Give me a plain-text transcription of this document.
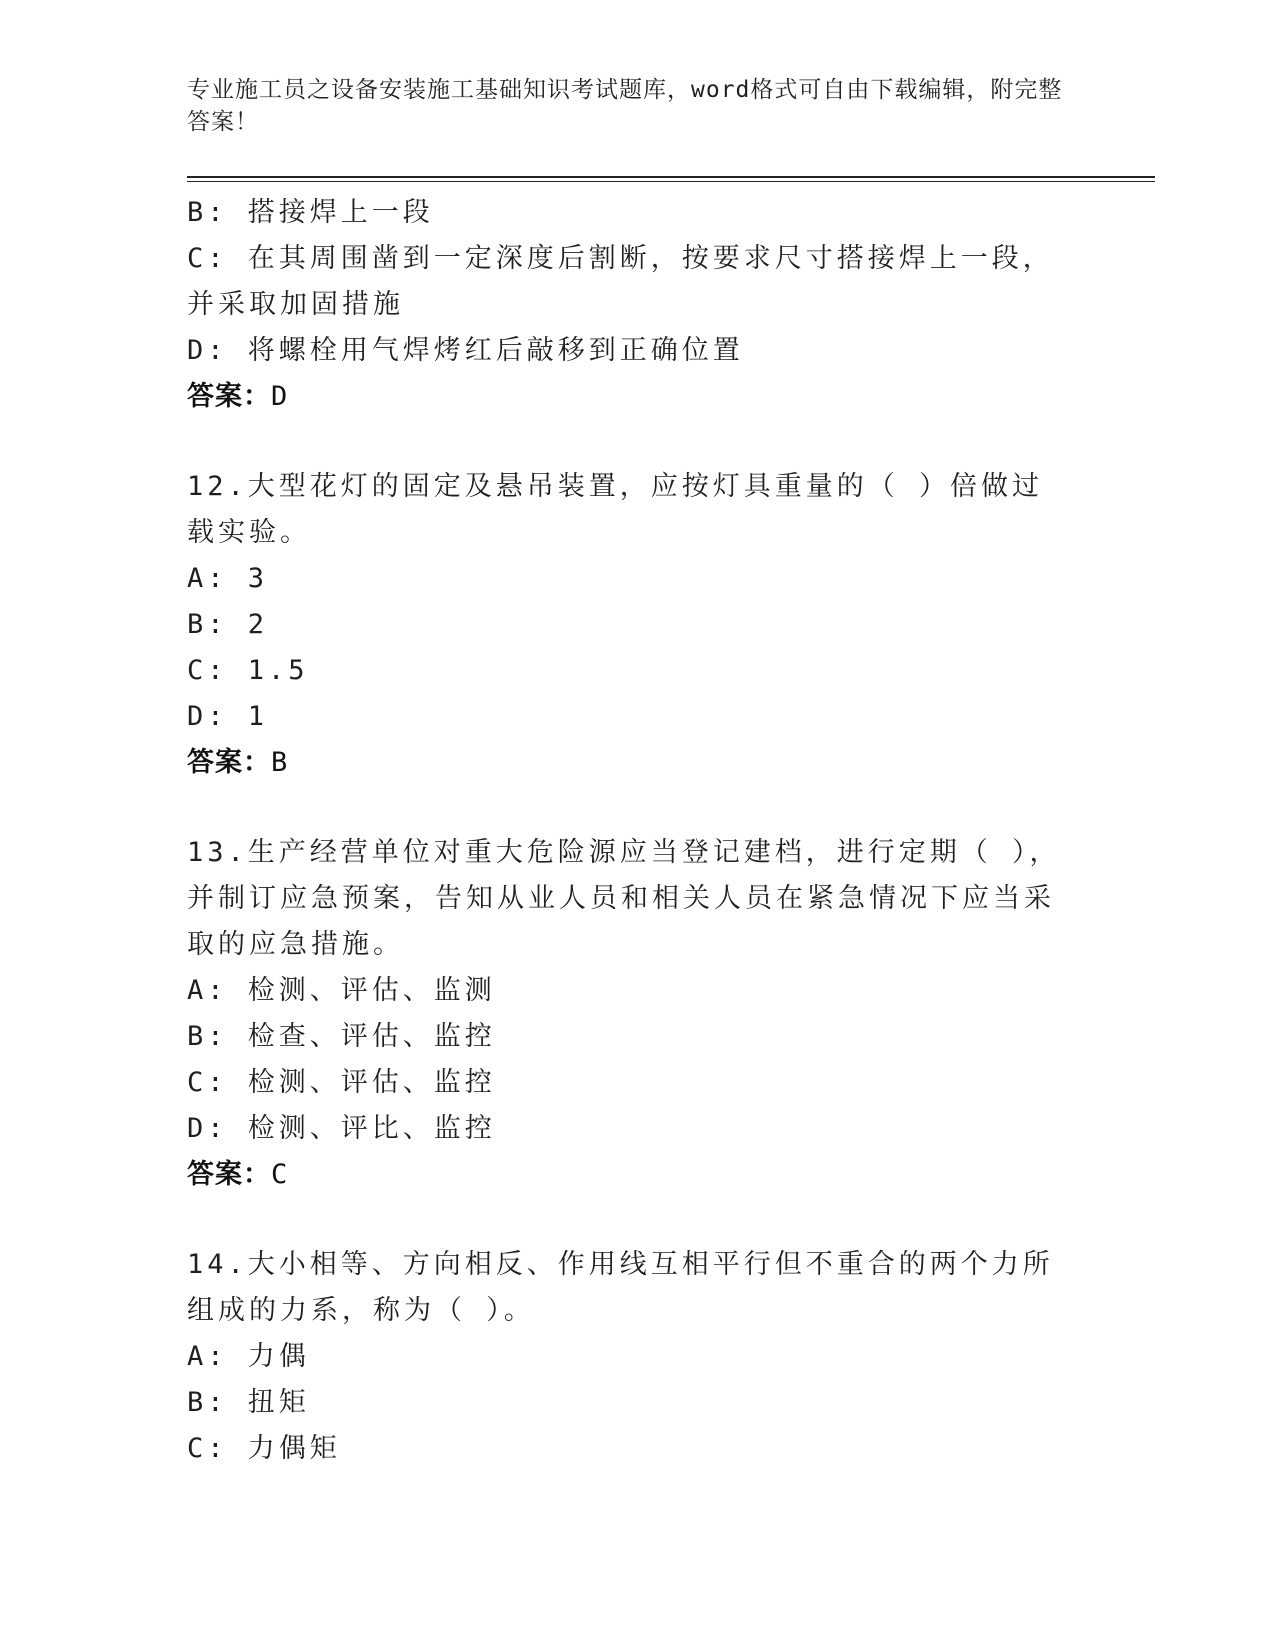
专业施工员之设备安装施工基础知识考试题库，word格式可自由下载编辑，附完整答案！
B: 搭接焊上一段
C: 在其周围凿到一定深度后割断，按要求尺寸搭接焊上一段，并采取加固措施
D: 将螺栓用气焊烤红后敲移到正确位置
答案：D
12.大型花灯的固定及悬吊装置，应按灯具重量的（ ）倍做过载实验。
A: 3
B: 2
C: 1.5
D: 1
答案：B
13.生产经营单位对重大危险源应当登记建档，进行定期（ ），并制订应急预案，告知从业人员和相关人员在紧急情况下应当采取的应急措施。
A: 检测、评估、监测
B: 检查、评估、监控
C: 检测、评估、监控
D: 检测、评比、监控
答案：C
14.大小相等、方向相反、作用线互相平行但不重合的两个力所组成的力系，称为（ ）。
A: 力偶
B: 扭矩
C: 力偶矩
